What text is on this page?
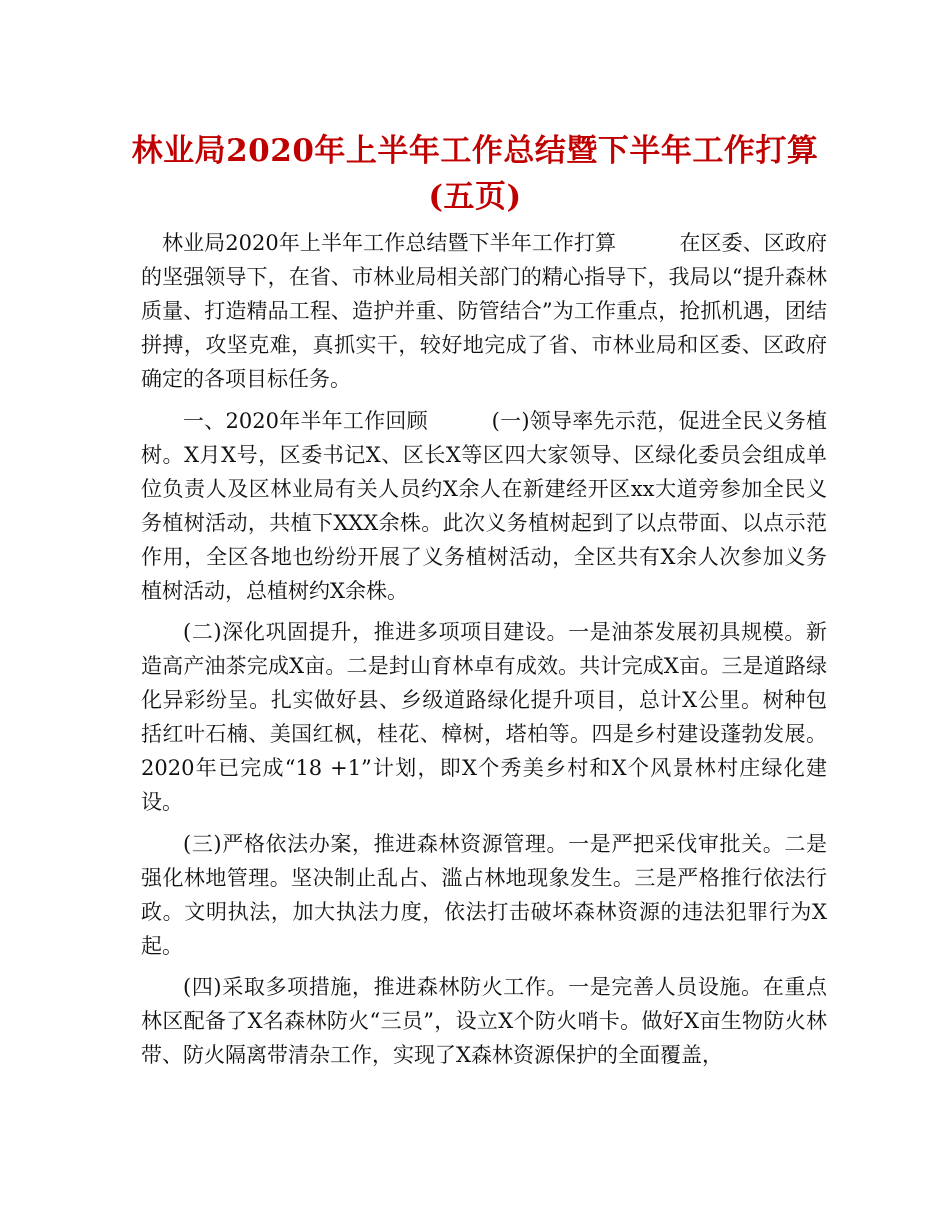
林业局2020年上半年工作总结暨下半年工作打算(五页)

林业局2020年上半年工作总结暨下半年工作打算　　　在区委、区政府的坚强领导下，在省、市林业局相关部门的精心指导下，我局以“提升森林质量、打造精品工程、造护并重、防管结合”为工作重点，抢抓机遇，团结拼搏，攻坚克难，真抓实干，较好地完成了省、市林业局和区委、区政府确定的各项目标任务。

一、2020年半年工作回顾　　　(一)领导率先示范，促进全民义务植树。X月X号，区委书记X、区长X等区四大家领导、区绿化委员会组成单位负责人及区林业局有关人员约X余人在新建经开区xx大道旁参加全民义务植树活动，共植下XXX余株。此次义务植树起到了以点带面、以点示范作用，全区各地也纷纷开展了义务植树活动，全区共有X余人次参加义务植树活动，总植树约X余株。

(二)深化巩固提升，推进多项项目建设。一是油茶发展初具规模。新造高产油茶完成X亩。二是封山育林卓有成效。共计完成X亩。三是道路绿化异彩纷呈。扎实做好县、乡级道路绿化提升项目，总计X公里。树种包括红叶石楠、美国红枫，桂花、樟树，塔柏等。四是乡村建设蓬勃发展。2020年已完成“18 +1”计划，即X个秀美乡村和X个风景林村庄绿化建设。

(三)严格依法办案，推进森林资源管理。一是严把采伐审批关。二是强化林地管理。坚决制止乱占、滥占林地现象发生。三是严格推行依法行政。文明执法，加大执法力度，依法打击破坏森林资源的违法犯罪行为X起。

(四)采取多项措施，推进森林防火工作。一是完善人员设施。在重点林区配备了X名森林防火“三员”，设立X个防火哨卡。做好X亩生物防火林带、防火隔离带清杂工作，实现了X森林资源保护的全面覆盖，
